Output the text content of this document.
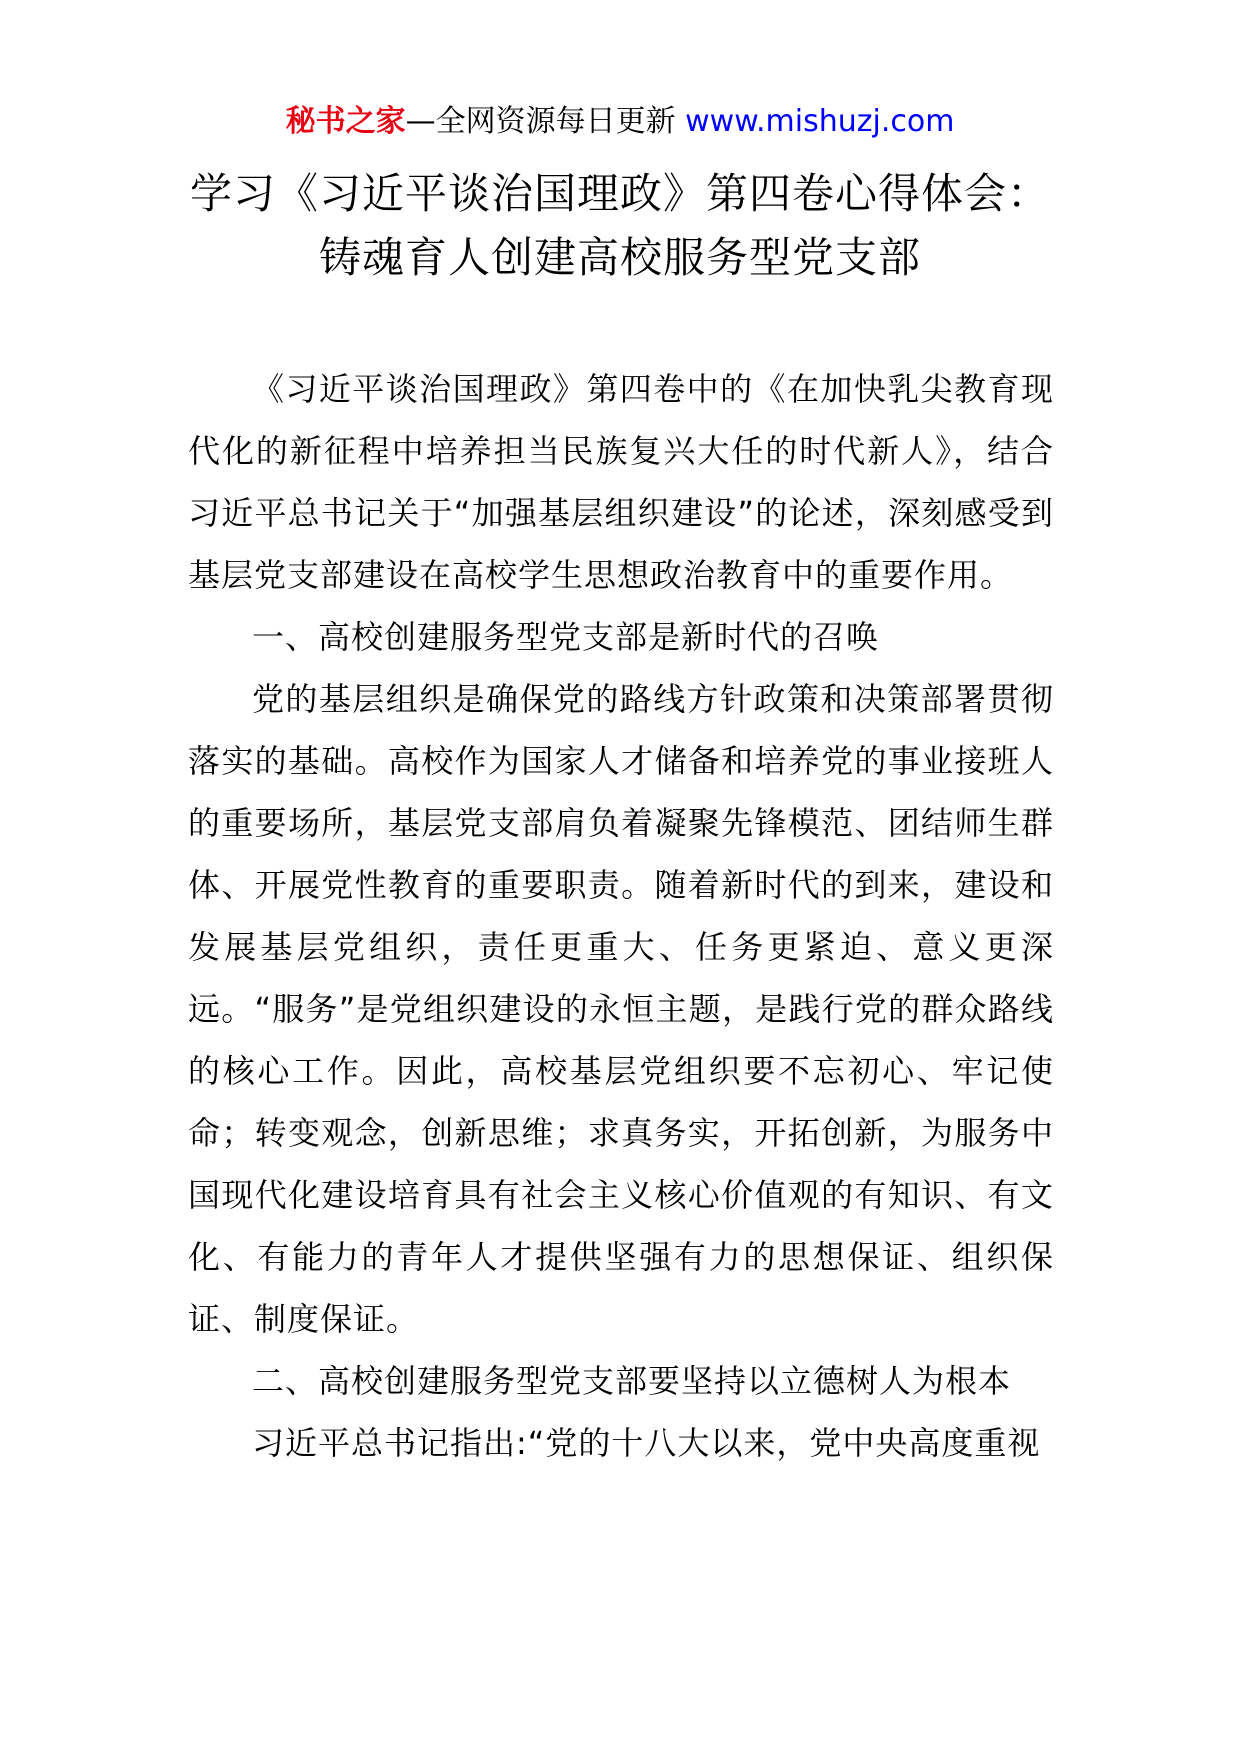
秘书之家—全网资源每日更新 www.mishuzj.com
学习《习近平谈治国理政》第四卷心得体会：铸魂育人创建高校服务型党支部

《习近平谈治国理政》第四卷中的《在加快乳尖教育现代化的新征程中培养担当民族复兴大任的时代新人》，结合习近平总书记关于“加强基层组织建设”的论述，深刻感受到基层党支部建设在高校学生思想政治教育中的重要作用。

一、高校创建服务型党支部是新时代的召唤

党的基层组织是确保党的路线方针政策和决策部署贯彻落实的基础。高校作为国家人才储备和培养党的事业接班人的重要场所，基层党支部肩负着凝聚先锋模范、团结师生群体、开展党性教育的重要职责。随着新时代的到来，建设和发展基层党组织，责任更重大、任务更紧迫、意义更深远。“服务”是党组织建设的永恒主题，是践行党的群众路线的核心工作。因此，高校基层党组织要不忘初心、牢记使命；转变观念，创新思维；求真务实，开拓创新，为服务中国现代化建设培育具有社会主义核心价值观的有知识、有文化、有能力的青年人才提供坚强有力的思想保证、组织保证、制度保证。

二、高校创建服务型党支部要坚持以立德树人为根本

习近平总书记指出:“党的十八大以来，党中央高度重视
